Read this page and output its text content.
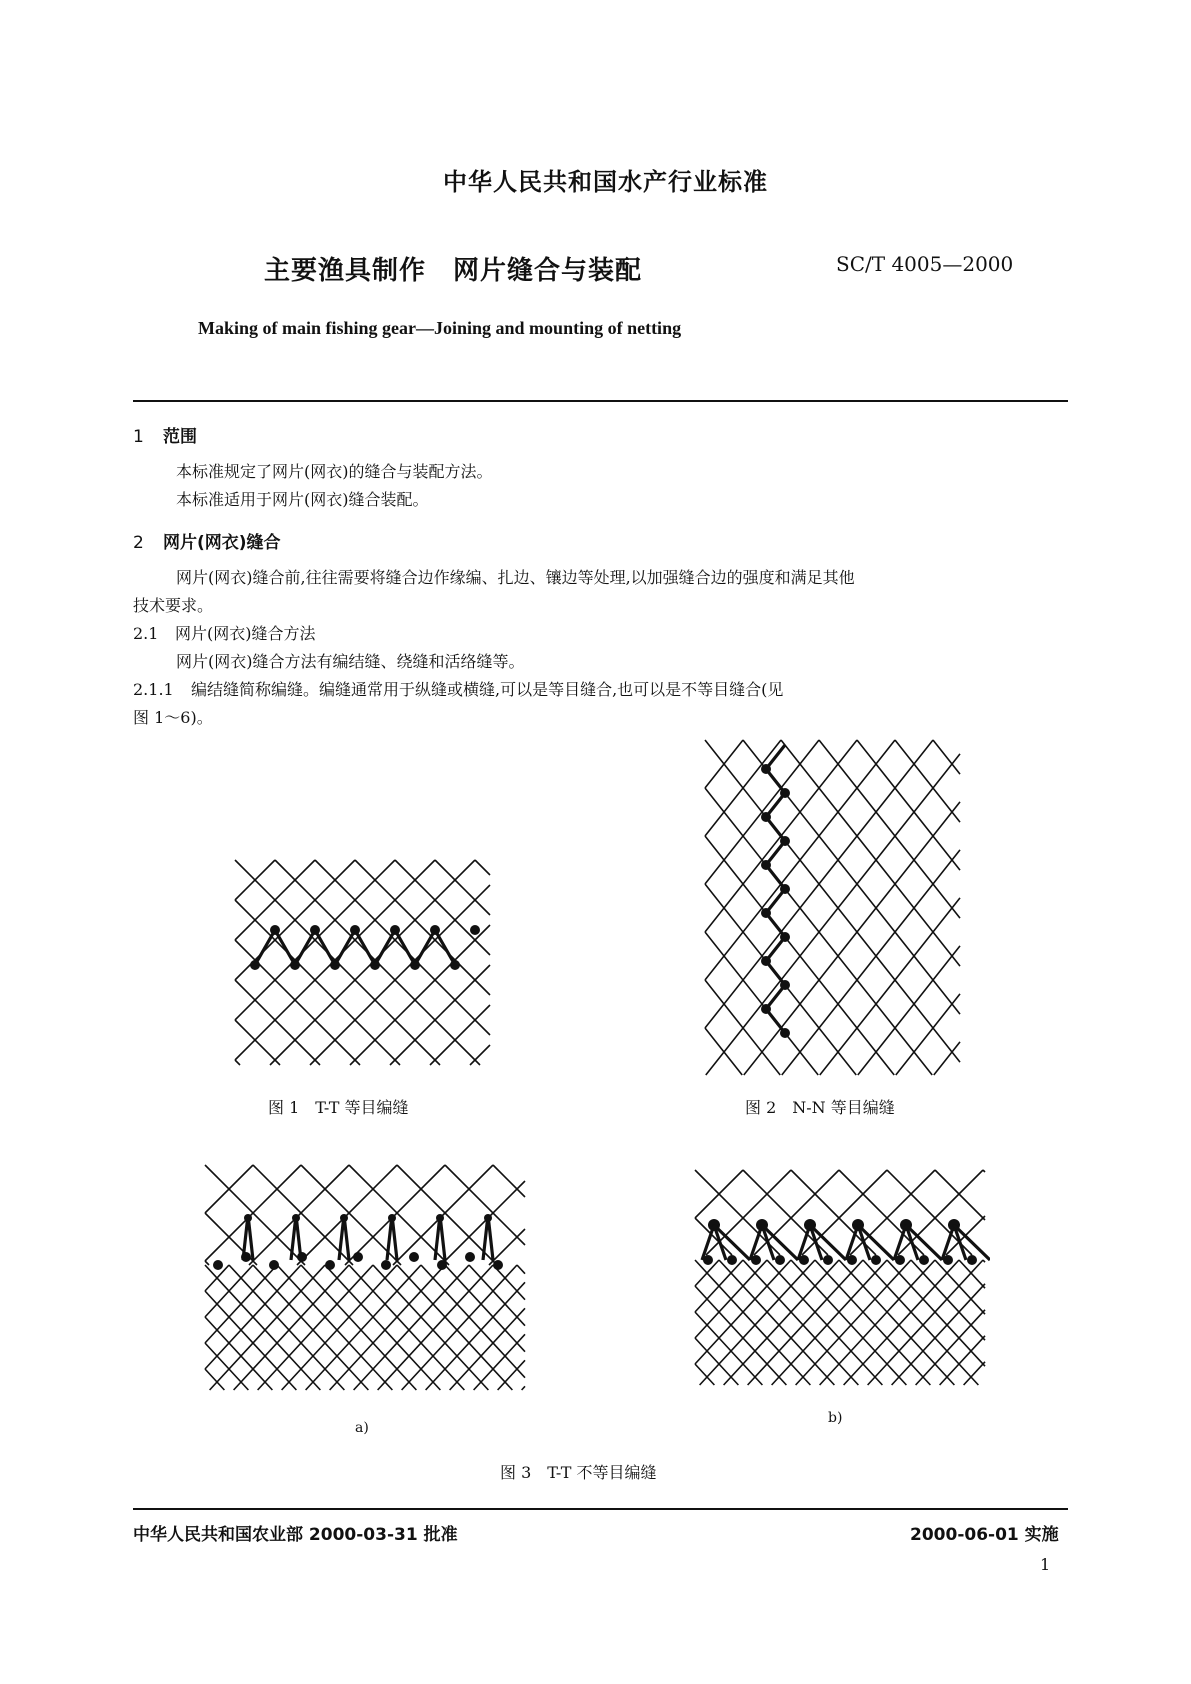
中华人民共和国水产行业标准
主要渔具制作　网片缝合与装配	SC/T 4005—2000
Making of main fishing gear—Joining and mounting of netting
1 范围
本标准规定了网片(网衣)的缝合与装配方法。
本标准适用于网片(网衣)缝合装配。
2 网片(网衣)缝合
网片(网衣)缝合前,往往需要将缝合边作缘编、扎边、镶边等处理,以加强缝合边的强度和满足其他
技术要求。
2.1 网片(网衣)缝合方法
网片(网衣)缝合方法有编结缝、绕缝和活络缝等。
2.1.1 编结缝简称编缝。编缝通常用于纵缝或横缝,可以是等目缝合,也可以是不等目缝合(见
图 1～6)。
图 1　T-T 等目编缝	图 2　N-N 等目编缝
a)
b)
图 3　T-T 不等目编缝
中华人民共和国农业部 2000-03-31 批准	2000-06-01 实施
1
